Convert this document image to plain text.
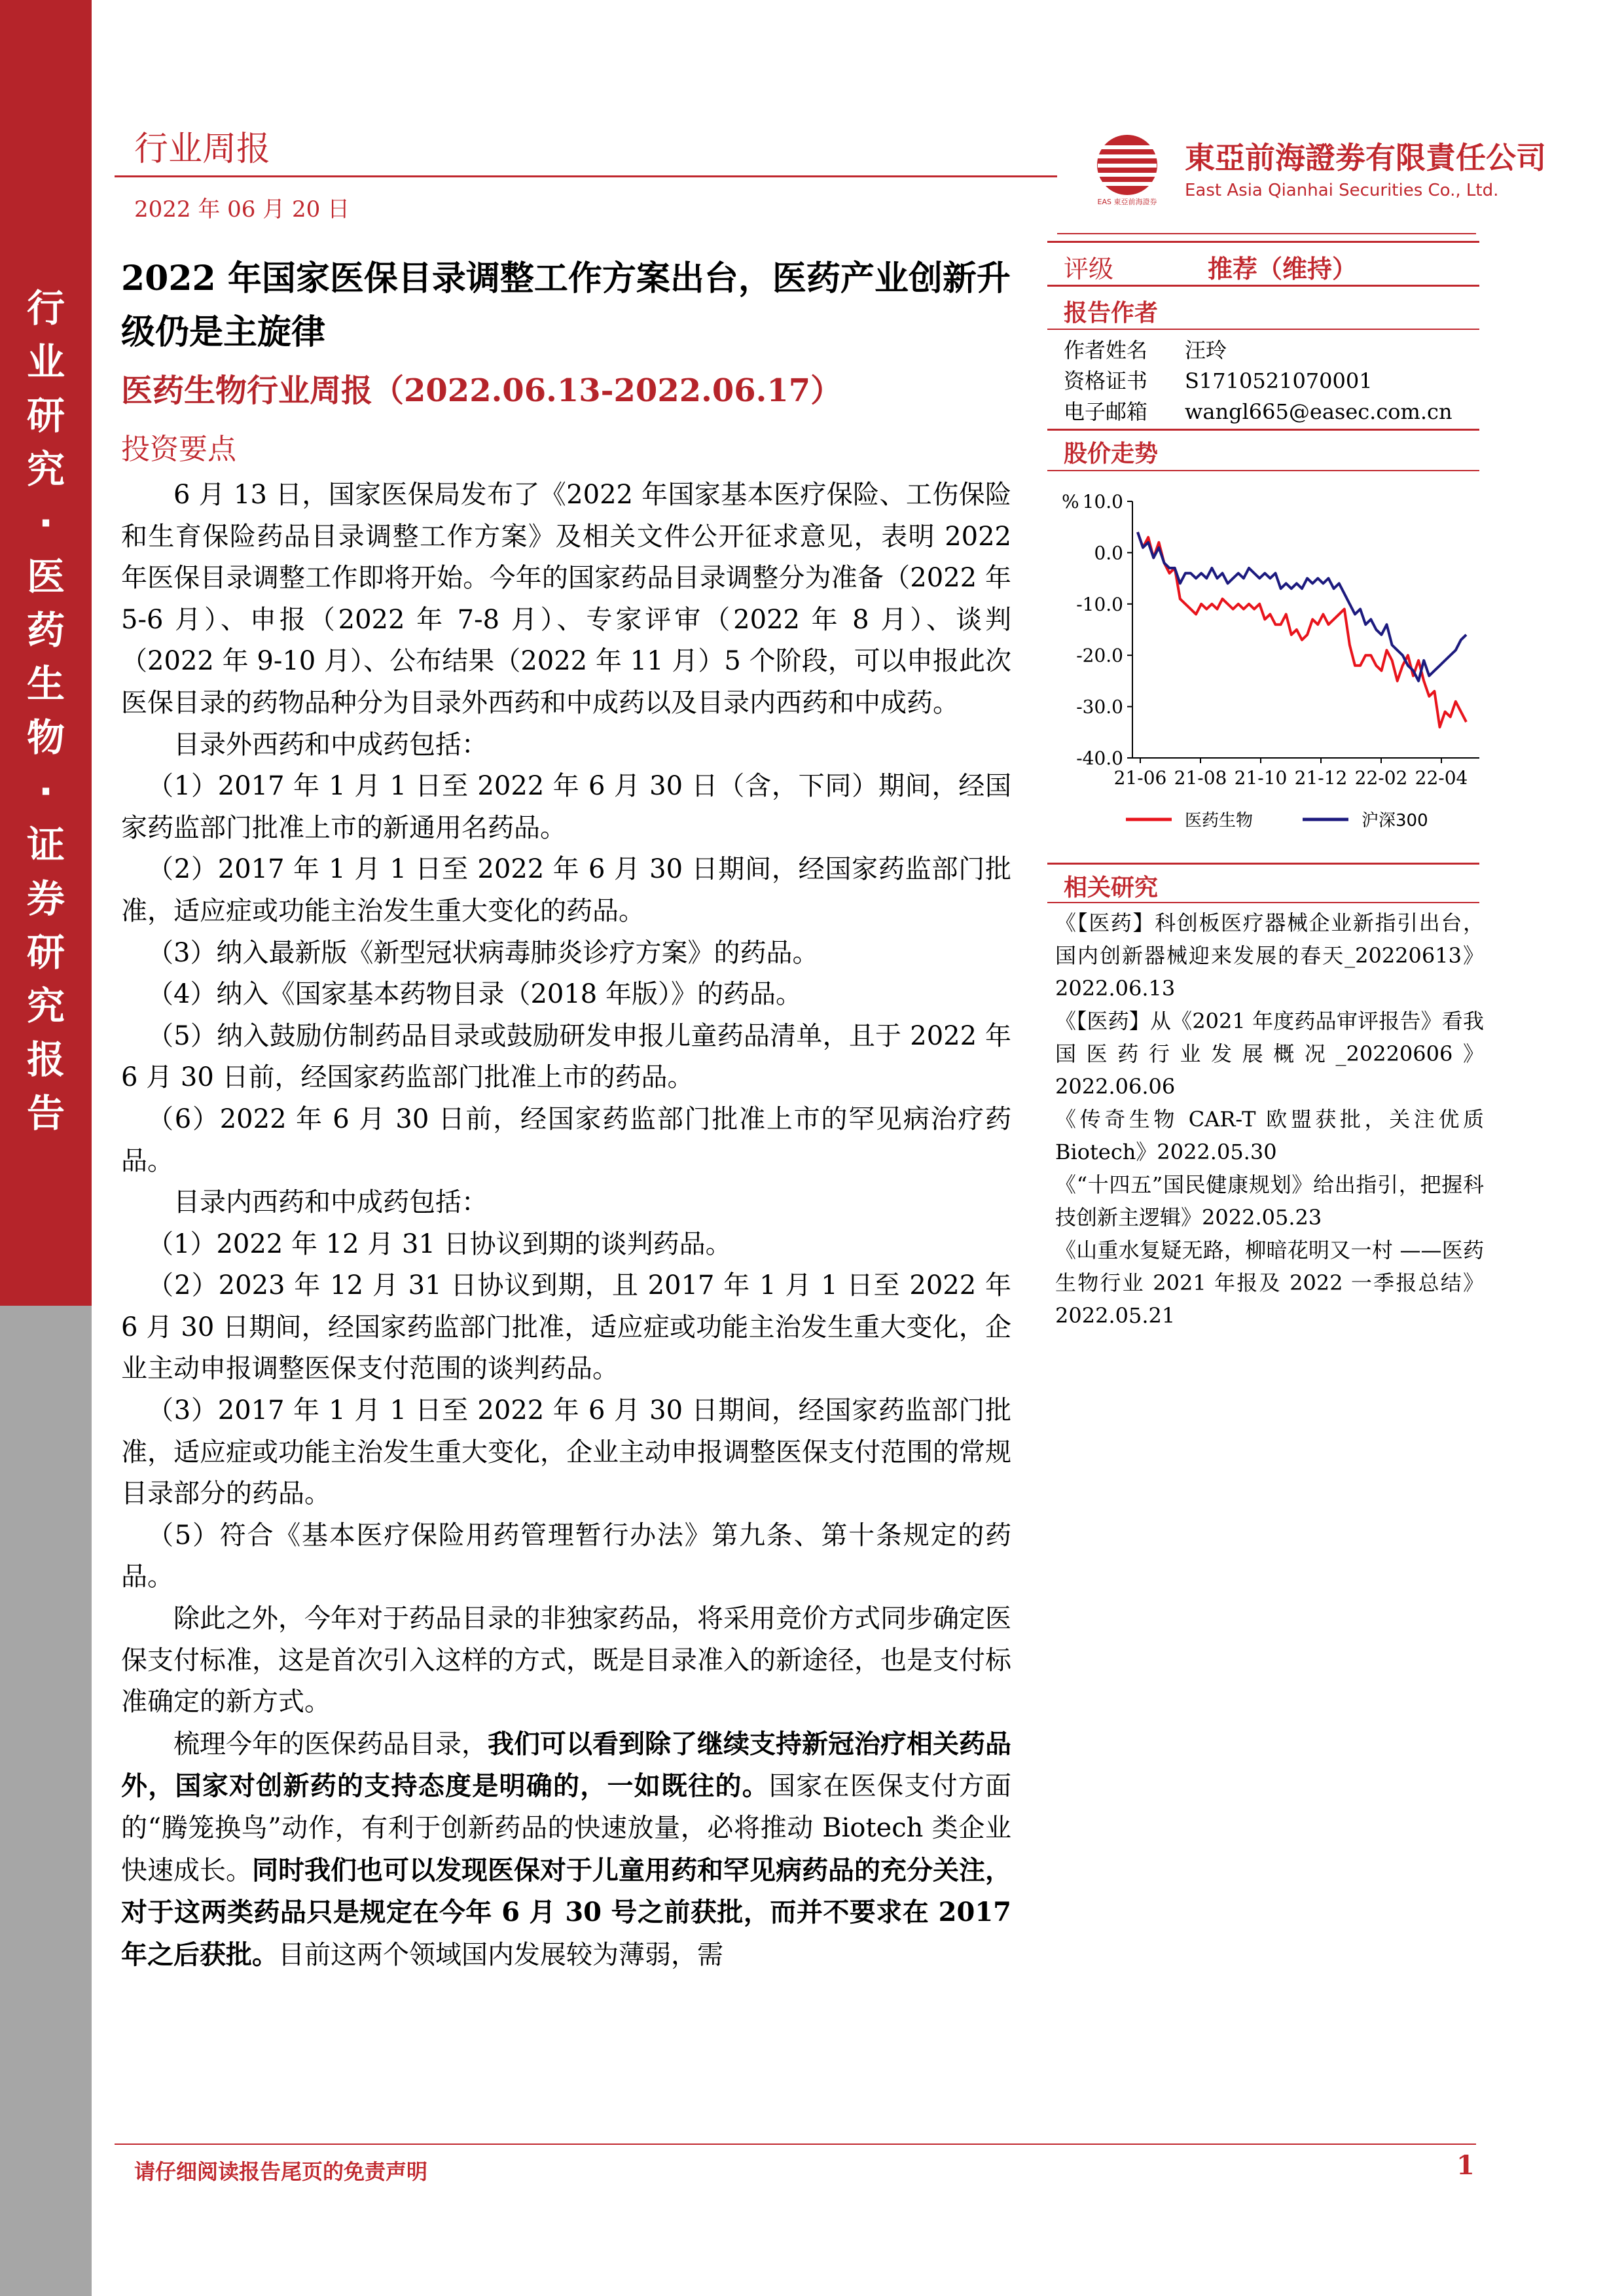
行
业
研
究
·
医
药
生
物
·
证
券
研
究
报
告
行业周报
2022 年 06 月 20 日	EAS 東亞前海證券
東亞前海證劵有限責任公司
East Asia Qianhai Securities Co., Ltd.
2022 年国家医保目录调整工作方案出台，医药产业创新升级仍是主旋律
医药生物行业周报（2022.06.13-2022.06.17）
投资要点

6 月 13 日，国家医保局发布了《2022 年国家基本医疗保险、工伤保险和生育保险药品目录调整工作方案》及相关文件公开征求意见，表明 2022 年医保目录调整工作即将开始。今年的国家药品目录调整分为准备（2022 年 5-6 月）、申报（2022 年 7-8 月）、专家评审（2022 年 8 月）、谈判（2022 年 9-10 月）、公布结果（2022 年 11 月）5 个阶段，可以申报此次医保目录的药物品种分为目录外西药和中成药以及目录内西药和中成药。

目录外西药和中成药包括：

（1）2017 年 1 月 1 日至 2022 年 6 月 30 日（含，下同）期间，经国家药监部门批准上市的新通用名药品。

（2）2017 年 1 月 1 日至 2022 年 6 月 30 日期间，经国家药监部门批准，适应症或功能主治发生重大变化的药品。

（3）纳入最新版《新型冠状病毒肺炎诊疗方案》的药品。

（4）纳入《国家基本药物目录（2018 年版）》的药品。

（5）纳入鼓励仿制药品目录或鼓励研发申报儿童药品清单，且于 2022 年 6 月 30 日前，经国家药监部门批准上市的药品。

（6）2022 年 6 月 30 日前，经国家药监部门批准上市的罕见病治疗药品。

目录内西药和中成药包括：

（1）2022 年 12 月 31 日协议到期的谈判药品。

（2）2023 年 12 月 31 日协议到期，且 2017 年 1 月 1 日至 2022 年 6 月 30 日期间，经国家药监部门批准，适应症或功能主治发生重大变化，企业主动申报调整医保支付范围的谈判药品。

（3）2017 年 1 月 1 日至 2022 年 6 月 30 日期间，经国家药监部门批准，适应症或功能主治发生重大变化，企业主动申报调整医保支付范围的常规目录部分的药品。

（5）符合《基本医疗保险用药管理暂行办法》第九条、第十条规定的药品。

除此之外，今年对于药品目录的非独家药品，将采用竞价方式同步确定医保支付标准，这是首次引入这样的方式，既是目录准入的新途径，也是支付标准确定的新方式。

梳理今年的医保药品目录，我们可以看到除了继续支持新冠治疗相关药品外，国家对创新药的支持态度是明确的，一如既往的。国家在医保支付方面的“腾笼换鸟”动作，有利于创新药品的快速放量，必将推动 Biotech 类企业快速成长。同时我们也可以发现医保对于儿童用药和罕见病药品的充分关注，对于这两类药品只是规定在今年 6 月 30 号之前获批，而并不要求在 2017 年之后获批。目前这两个领域国内发展较为薄弱，需

评级	推荐（维持）
报告作者
作者姓名 汪玲
资格证书 S1710521070001
电子邮箱 wangl665@easec.com.cn
股价走势
10.0
0.0
-10.0
-20.0
-30.0
-40.0
%
21-06 21-08 21-10 21-12 22-02 22-04
医药生物	沪深300
相关研究

《【医药】科创板医疗器械企业新指引出台，国内创新器械迎来发展的春天_20220613》2022.06.13

《【医药】从《2021 年度药品审评报告》看我国医药行业发展概况_20220606》2022.06.06

《传奇生物 CAR-T 欧盟获批，关注优质 Biotech》2022.05.30

《“十四五”国民健康规划》给出指引，把握科技创新主逻辑》2022.05.23

《山重水复疑无路，柳暗花明又一村 ——医药生物行业 2021 年报及 2022 一季报总结》2022.05.21

请仔细阅读报告尾页的免责声明	1
